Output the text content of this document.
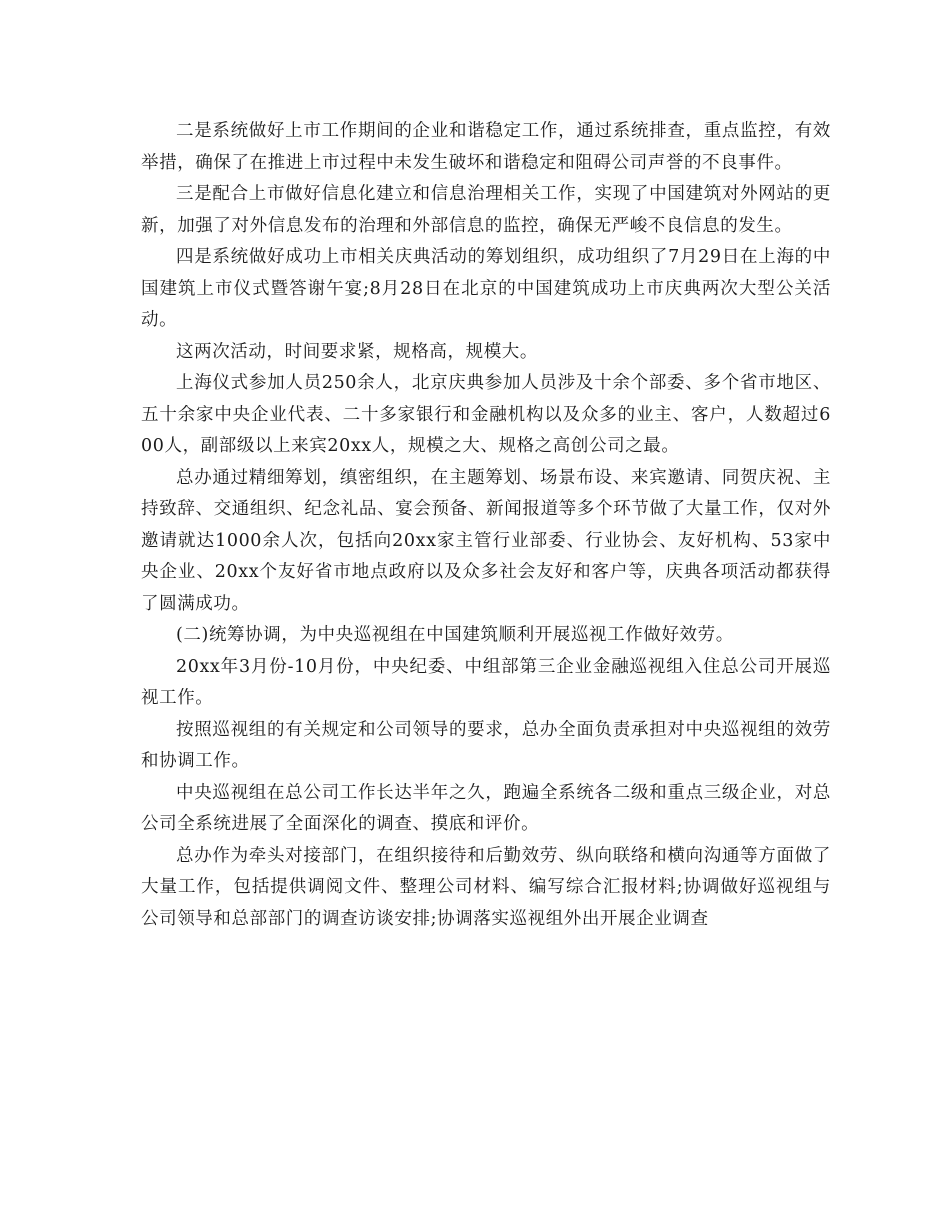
二是系统做好上市工作期间的企业和谐稳定工作，通过系统排查，重点监控，有效举措，确保了在推进上市过程中未发生破坏和谐稳定和阻碍公司声誉的不良事件。

三是配合上市做好信息化建立和信息治理相关工作，实现了中国建筑对外网站的更新，加强了对外信息发布的治理和外部信息的监控，确保无严峻不良信息的发生。

四是系统做好成功上市相关庆典活动的筹划组织，成功组织了7月29日在上海的中国建筑上市仪式暨答谢午宴;8月28日在北京的中国建筑成功上市庆典两次大型公关活动。

这两次活动，时间要求紧，规格高，规模大。

上海仪式参加人员250余人，北京庆典参加人员涉及十余个部委、多个省市地区、五十余家中央企业代表、二十多家银行和金融机构以及众多的业主、客户，人数超过600人，副部级以上来宾20xx人，规模之大、规格之高创公司之最。

总办通过精细筹划，缜密组织，在主题筹划、场景布设、来宾邀请、同贺庆祝、主持致辞、交通组织、纪念礼品、宴会预备、新闻报道等多个环节做了大量工作，仅对外邀请就达1000余人次，包括向20xx家主管行业部委、行业协会、友好机构、53家中央企业、20xx个友好省市地点政府以及众多社会友好和客户等，庆典各项活动都获得了圆满成功。

(二)统筹协调，为中央巡视组在中国建筑顺利开展巡视工作做好效劳。

20xx年3月份-10月份，中央纪委、中组部第三企业金融巡视组入住总公司开展巡视工作。

按照巡视组的有关规定和公司领导的要求，总办全面负责承担对中央巡视组的效劳和协调工作。

中央巡视组在总公司工作长达半年之久，跑遍全系统各二级和重点三级企业，对总公司全系统进展了全面深化的调查、摸底和评价。

总办作为牵头对接部门，在组织接待和后勤效劳、纵向联络和横向沟通等方面做了大量工作，包括提供调阅文件、整理公司材料、编写综合汇报材料;协调做好巡视组与公司领导和总部部门的调查访谈安排;协调落实巡视组外出开展企业调查
